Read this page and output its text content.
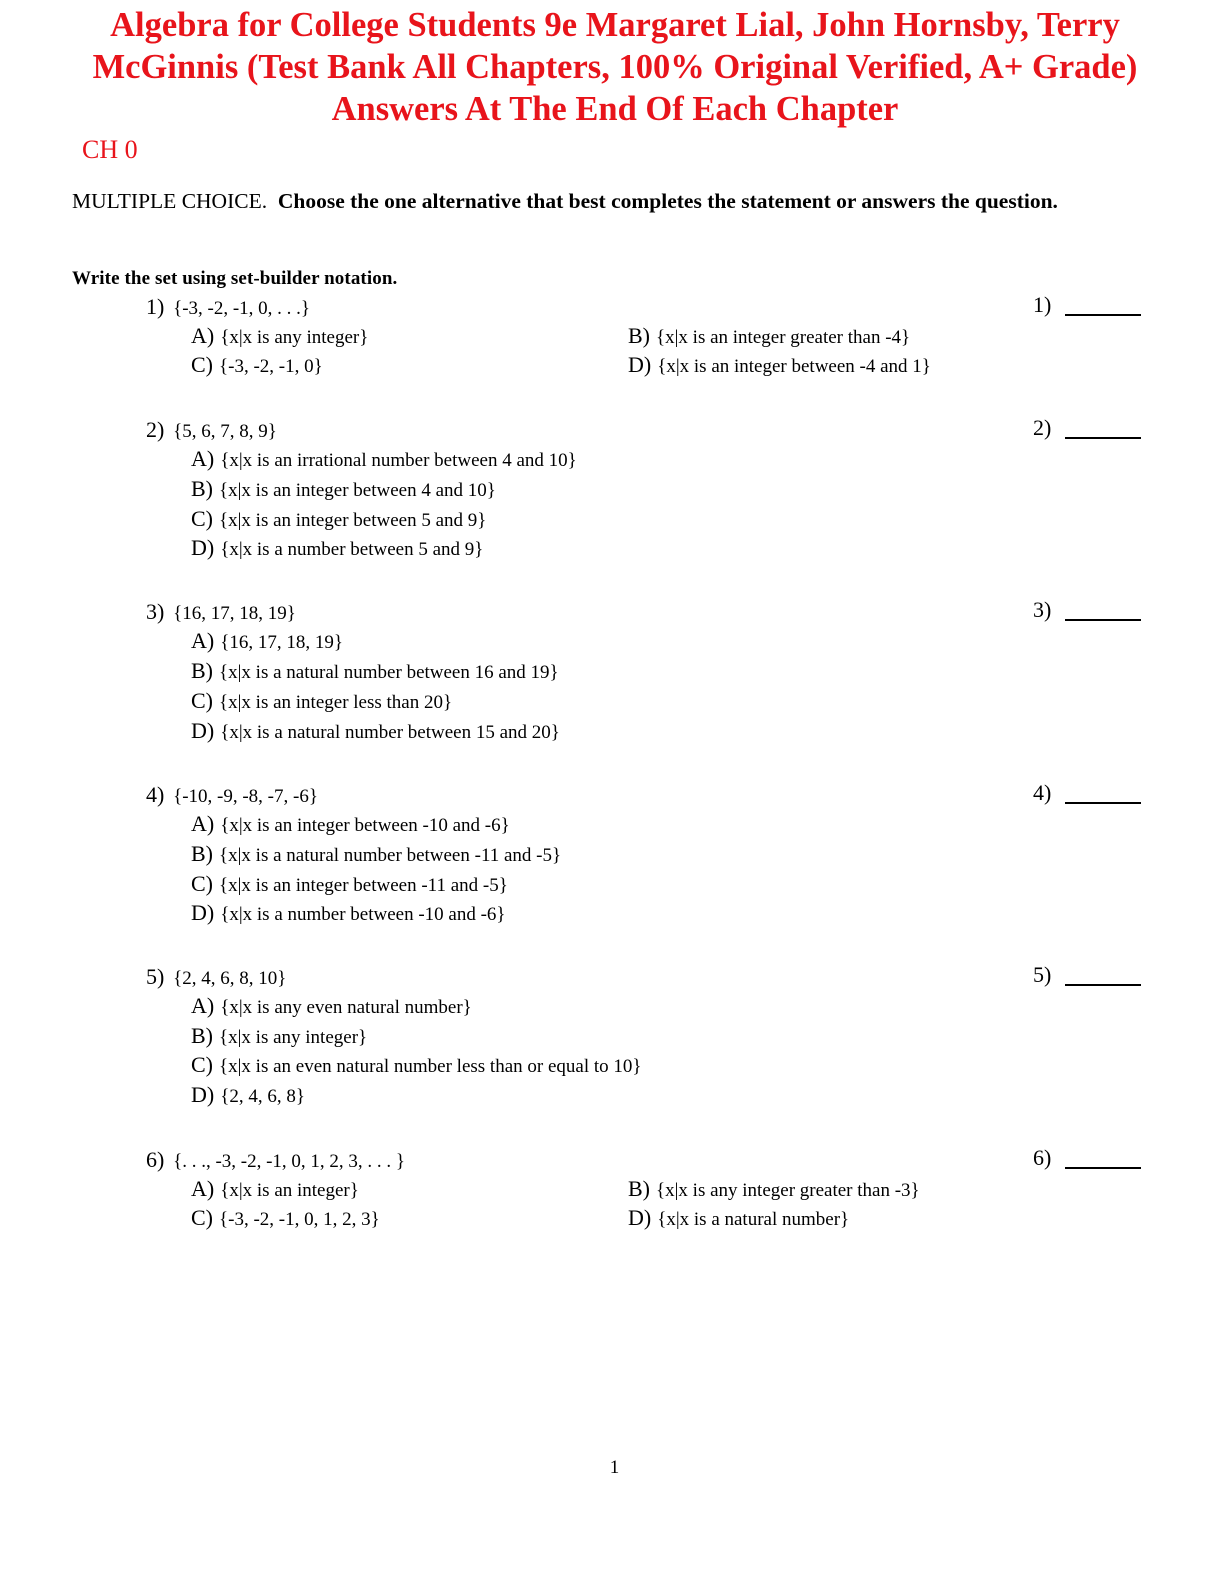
Algebra for College Students 9e Margaret Lial, John Hornsby, Terry McGinnis (Test Bank All Chapters, 100% Original Verified, A+ Grade) Answers At The End Of Each Chapter
CH 0
MULTIPLE CHOICE. Choose the one alternative that best completes the statement or answers the question.
Write the set using set-builder notation.
1) {-3, -2, -1, 0, . . .}
A) {x|x is any integer}	B) {x|x is an integer greater than -4}
C) {-3, -2, -1, 0}	D) {x|x is an integer between -4 and 1}
1)
2) {5, 6, 7, 8, 9}
A) {x|x is an irrational number between 4 and 10}
B) {x|x is an integer between 4 and 10}
C) {x|x is an integer between 5 and 9}
D) {x|x is a number between 5 and 9}
2)
3) {16, 17, 18, 19}
A) {16, 17, 18, 19}
B) {x|x is a natural number between 16 and 19}
C) {x|x is an integer less than 20}
D) {x|x is a natural number between 15 and 20}
3)
4) {-10, -9, -8, -7, -6}
A) {x|x is an integer between -10 and -6}
B) {x|x is a natural number between -11 and -5}
C) {x|x is an integer between -11 and -5}
D) {x|x is a number between -10 and -6}
4)
5) {2, 4, 6, 8, 10}
A) {x|x is any even natural number}
B) {x|x is any integer}
C) {x|x is an even natural number less than or equal to 10}
D) {2, 4, 6, 8}
5)
6) {. . ., -3, -2, -1, 0, 1, 2, 3, . . . }
A) {x|x is an integer}	B) {x|x is any integer greater than -3}
C) {-3, -2, -1, 0, 1, 2, 3}	D) {x|x is a natural number}
6)
1
